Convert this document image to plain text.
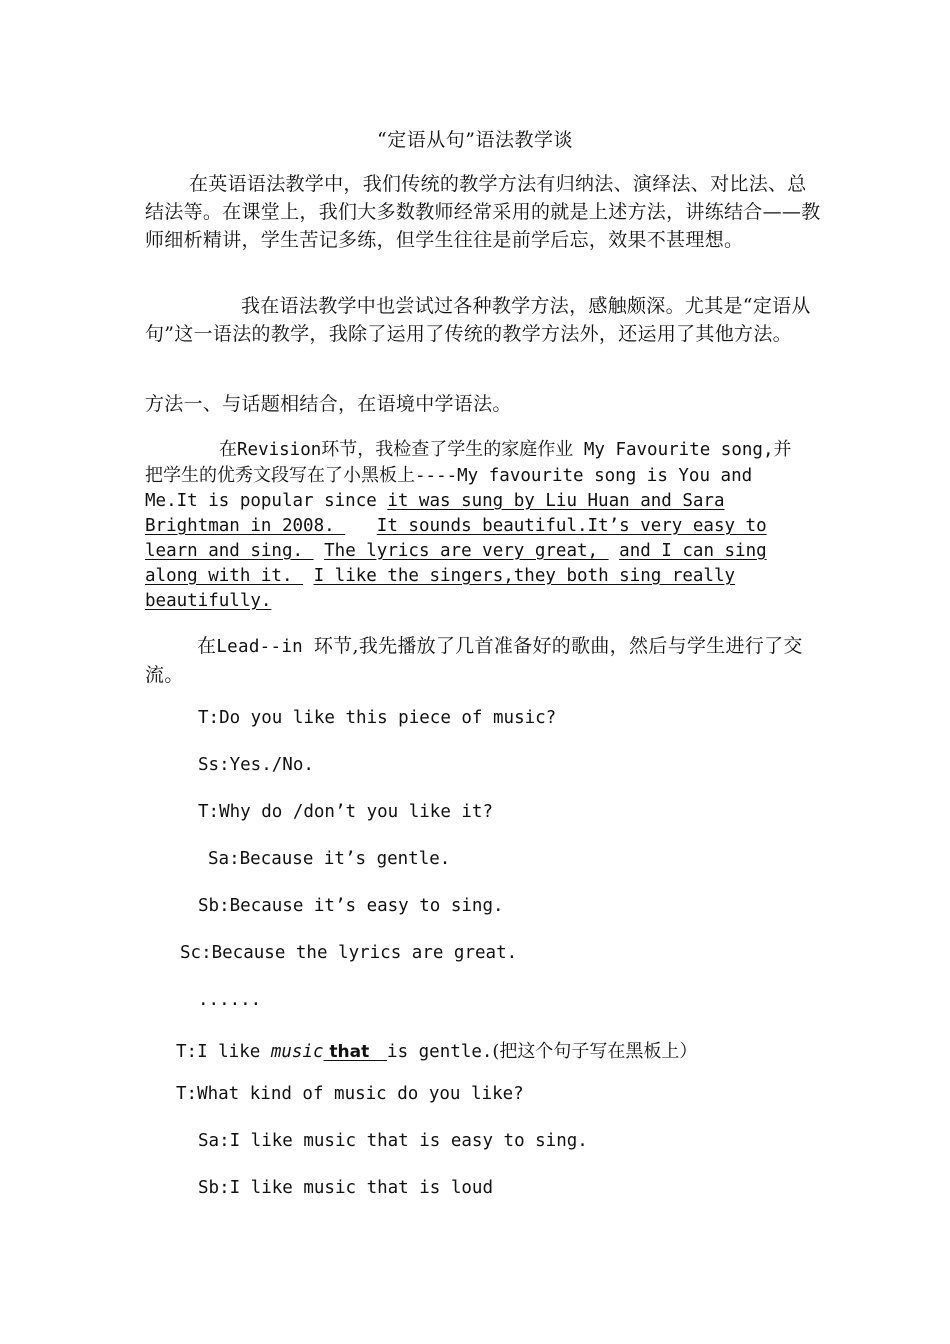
“定语从句”语法教学谈
在英语语法教学中，我们传统的教学方法有归纳法、演绎法、对比法、总结法等。在课堂上，我们大多数教师经常采用的就是上述方法，讲练结合——教师细析精讲，学生苦记多练，但学生往往是前学后忘，效果不甚理想。
我在语法教学中也尝试过各种教学方法，感触颇深。尤其是“定语从句”这一语法的教学，我除了运用了传统的教学方法外，还运用了其他方法。
方法一、与话题相结合，在语境中学语法。
在Revision环节，我检查了学生的家庭作业 My Favourite song,并把学生的优秀文段写在了小黑板上----My favourite song is You and Me.It is popular since it was sung by Liu Huan and Sara Brightman in 2008.    It sounds beautiful.It’s very easy to learn and sing.  The lyrics are very great,  and I can sing along with it.  I like the singers,they both sing really beautifully.
在Lead--in 环节,我先播放了几首准备好的歌曲，然后与学生进行了交流。
T:Do you like this piece of music?
Ss:Yes./No.
T:Why do /don’t you like it?
Sa:Because it’s gentle.
Sb:Because it’s easy to sing.
Sc:Because the lyrics are great.
......
T:I like music that   is gentle.(把这个句子写在黑板上）
T:What kind of music do you like?
Sa:I like music that is easy to sing.
Sb:I like music that is loud
